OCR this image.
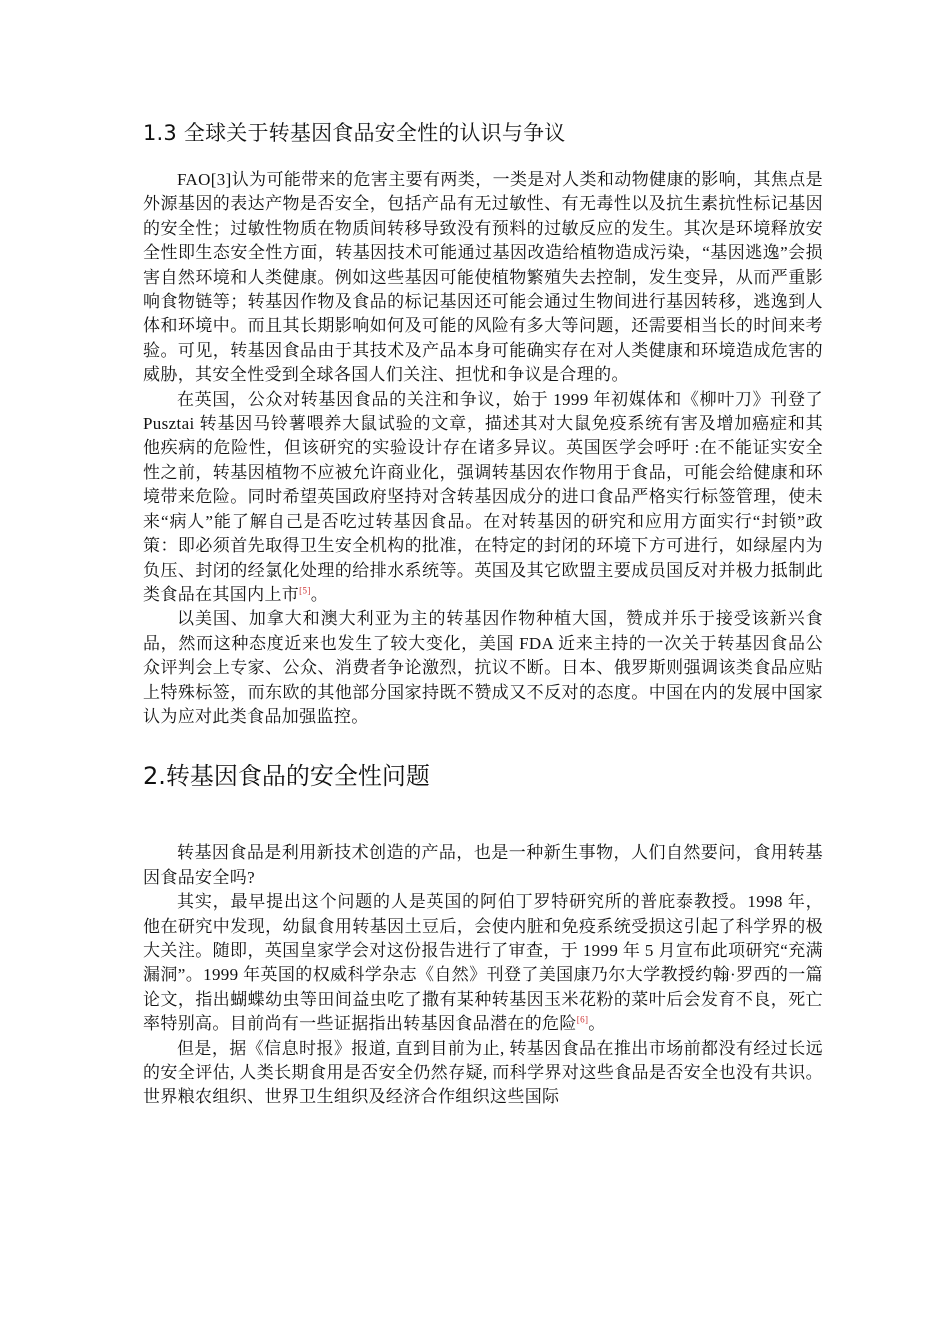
1.3 全球关于转基因食品安全性的认识与争议

FAO[3]认为可能带来的危害主要有两类，一类是对人类和动物健康的影响，其焦点是外源基因的表达产物是否安全，包括产品有无过敏性、有无毒性以及抗生素抗性标记基因的安全性；过敏性物质在物质间转移导致没有预料的过敏反应的发生。其次是环境释放安全性即生态安全性方面，转基因技术可能通过基因改造给植物造成污染，“基因逃逸”会损害自然环境和人类健康。例如这些基因可能使植物繁殖失去控制，发生变异，从而严重影响食物链等；转基因作物及食品的标记基因还可能会通过生物间进行基因转移，逃逸到人体和环境中。而且其长期影响如何及可能的风险有多大等问题，还需要相当长的时间来考验。可见，转基因食品由于其技术及产品本身可能确实存在对人类健康和环境造成危害的威胁，其安全性受到全球各国人们关注、担忧和争议是合理的。

在英国，公众对转基因食品的关注和争议，始于 1999 年初媒体和《柳叶刀》刊登了 Pusztai 转基因马铃薯喂养大鼠试验的文章，描述其对大鼠免疫系统有害及增加癌症和其他疾病的危险性，但该研究的实验设计存在诸多异议。英国医学会呼吁 :在不能证实安全性之前，转基因植物不应被允许商业化，强调转基因农作物用于食品，可能会给健康和环境带来危险。同时希望英国政府坚持对含转基因成分的进口食品严格实行标签管理，使未来“病人”能了解自己是否吃过转基因食品。在对转基因的研究和应用方面实行“封锁”政策：即必须首先取得卫生安全机构的批准，在特定的封闭的环境下方可进行，如绿屋内为负压、封闭的经氯化处理的给排水系统等。英国及其它欧盟主要成员国反对并极力抵制此类食品在其国内上市[5]。

以美国、加拿大和澳大利亚为主的转基因作物种植大国，赞成并乐于接受该新兴食品，然而这种态度近来也发生了较大变化，美国 FDA 近来主持的一次关于转基因食品公众评判会上专家、公众、消费者争论激烈，抗议不断。日本、俄罗斯则强调该类食品应贴上特殊标签，而东欧的其他部分国家持既不赞成又不反对的态度。中国在内的发展中国家认为应对此类食品加强监控。

2.转基因食品的安全性问题

转基因食品是利用新技术创造的产品，也是一种新生事物，人们自然要问，食用转基因食品安全吗?

其实，最早提出这个问题的人是英国的阿伯丁罗特研究所的普庇泰教授。1998 年，他在研究中发现，幼鼠食用转基因土豆后，会使内脏和免疫系统受损这引起了科学界的极大关注。随即，英国皇家学会对这份报告进行了审查，于 1999 年 5 月宣布此项研究“充满漏洞”。1999 年英国的权威科学杂志《自然》刊登了美国康乃尔大学教授约翰·罗西的一篇论文，指出蝴蝶幼虫等田间益虫吃了撒有某种转基因玉米花粉的菜叶后会发育不良，死亡率特别高。目前尚有一些证据指出转基因食品潜在的危险[6]。

但是，据《信息时报》报道, 直到目前为止, 转基因食品在推出市场前都没有经过长远的安全评估, 人类长期食用是否安全仍然存疑, 而科学界对这些食品是否安全也没有共识。世界粮农组织、世界卫生组织及经济合作组织这些国际
